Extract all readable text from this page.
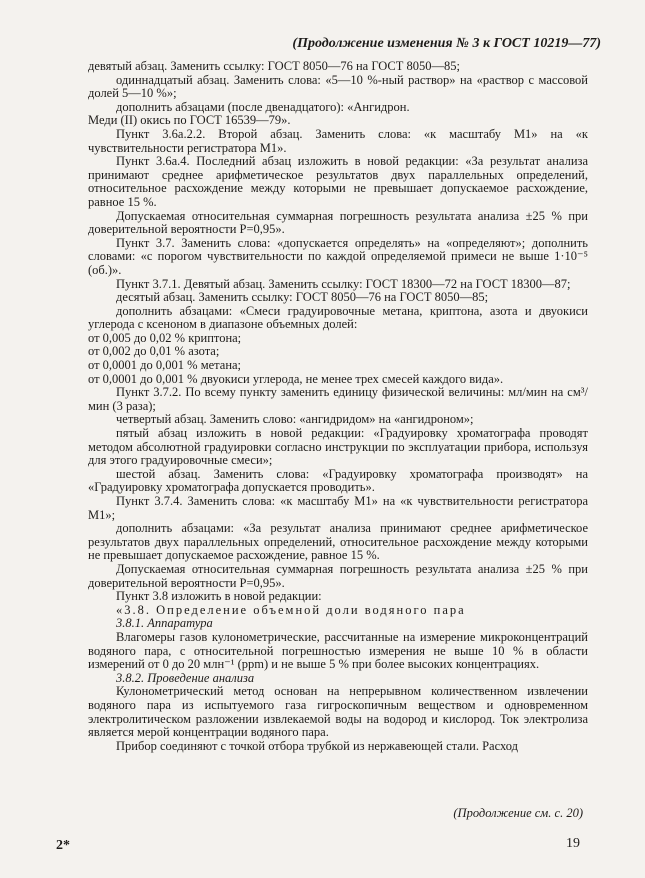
(Продолжение изменения № 3 к ГОСТ 10219—77)

девятый абзац. Заменить ссылку: ГОСТ 8050—76 на ГОСТ 8050—85;

одиннадцатый абзац. Заменить слова: «5—10 %-ный раствор» на «раствор с массовой долей 5—10 %»;

дополнить абзацами (после двенадцатого): «Ангидрон.

Меди (II) окись по ГОСТ 16539—79».

Пункт 3.6а.2.2. Второй абзац. Заменить слова: «к масштабу М1» на «к чувствительности регистратора М1».

Пункт 3.6а.4. Последний абзац изложить в новой редакции: «За результат анализа принимают среднее арифметическое результатов двух параллельных определений, относительное расхождение между которыми не превышает допускаемое расхождение, равное 15 %.

Допускаемая относительная суммарная погрешность результата анализа ±25 % при доверительной вероятности P=0,95».

Пункт 3.7. Заменить слова: «допускается определять» на «определяют»; дополнить словами: «с порогом чувствительности по каждой определяемой примеси не выше 1·10⁻⁵ (об.)».

Пункт 3.7.1. Девятый абзац. Заменить ссылку: ГОСТ 18300—72 на ГОСТ 18300—87;

десятый абзац. Заменить ссылку: ГОСТ 8050—76 на ГОСТ 8050—85;

дополнить абзацами: «Смеси градуировочные метана, криптона, азота и двуокиси углерода с ксеноном в диапазоне объемных долей:

от 0,005 до 0,02 % криптона;

от 0,002 до 0,01 % азота;

от 0,0001 до 0,001 % метана;

от 0,0001 до 0,001 % двуокиси углерода, не менее трех смесей каждого вида».

Пункт 3.7.2. По всему пункту заменить единицу физической величины: мл/мин на см³/мин (3 раза);

четвертый абзац. Заменить слово: «ангидридом» на «ангидроном»;

пятый абзац изложить в новой редакции: «Градуировку хроматографа проводят методом абсолютной градуировки согласно инструкции по эксплуатации прибора, используя для этого градуировочные смеси»;

шестой абзац. Заменить слова: «Градуировку хроматографа производят» на «Градуировку хроматографа допускается проводить».

Пункт 3.7.4. Заменить слова: «к масштабу М1» на «к чувствительности регистратора М1»;

дополнить абзацами: «За результат анализа принимают среднее арифметическое результатов двух параллельных определений, относительное расхождение между которыми не превышает допускаемое расхождение, равное 15 %.

Допускаемая относительная суммарная погрешность результата анализа ±25 % при доверительной вероятности P=0,95».

Пункт 3.8 изложить в новой редакции:

«3.8. Определение объемной доли водяного пара

3.8.1. Аппаратура

Влагомеры газов кулонометрические, рассчитанные на измерение микроконцентраций водяного пара, с относительной погрешностью измерения не выше 10 % в области измерений от 0 до 20 млн⁻¹ (ppm) и не выше 5 % при более высоких концентрациях.

3.8.2. Проведение анализа

Кулонометрический метод основан на непрерывном количественном извлечении водяного пара из испытуемого газа гигроскопичным веществом и одновременном электролитическом разложении извлекаемой воды на водород и кислород. Ток электролиза является мерой концентрации водяного пара.

Прибор соединяют с точкой отбора трубкой из нержавеющей стали. Расход

(Продолжение см. с. 20)
2*	19
